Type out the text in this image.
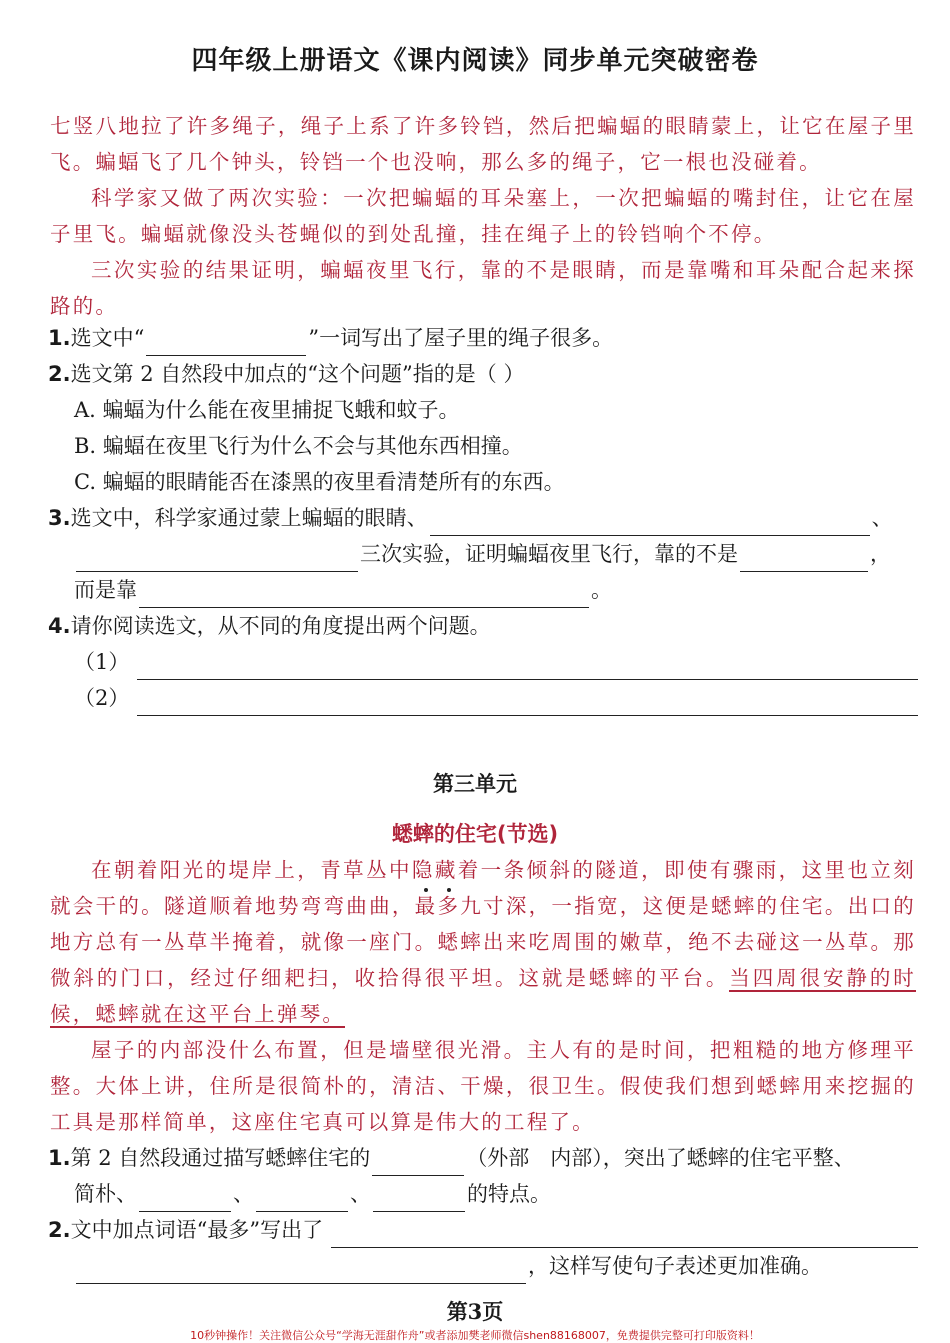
四年级上册语文《课内阅读》同步单元突破密卷

七竖八地拉了许多绳子，绳子上系了许多铃铛，然后把蝙蝠的眼睛蒙上，让它在屋子里飞。蝙蝠飞了几个钟头，铃铛一个也没响，那么多的绳子，它一根也没碰着。

科学家又做了两次实验：一次把蝙蝠的耳朵塞上，一次把蝙蝠的嘴封住，让它在屋子里飞。蝙蝠就像没头苍蝇似的到处乱撞，挂在绳子上的铃铛响个不停。

三次实验的结果证明，蝙蝠夜里飞行，靠的不是眼睛，而是靠嘴和耳朵配合起来探路的。

1.选文中“	”一词写出了屋子里的绳子很多。
2.选文第 2 自然段中加点的“这个问题”指的是（ ）
A. 蝙蝠为什么能在夜里捕捉飞蛾和蚊子。
B. 蝙蝠在夜里飞行为什么不会与其他东西相撞。
C. 蝙蝠的眼睛能否在漆黑的夜里看清楚所有的东西。
3.选文中，科学家通过蒙上蝙蝠的眼睛、	、
三次实验，证明蝙蝠夜里飞行，靠的不是	，
而是靠	。
4.请你阅读选文，从不同的角度提出两个问题。
（1）
（2）
第三单元
蟋蟀的住宅(节选)

在朝着阳光的堤岸上，青草丛中隐藏着一条倾斜的隧道，即使有骤雨，这里也立刻就会干的。隧道顺着地势弯弯曲曲，最多九寸深，一指宽，这便是蟋蟀的住宅。出口的地方总有一丛草半掩着，就像一座门。蟋蟀出来吃周围的嫩草，绝不去碰这一丛草。那微斜的门口，经过仔细耙扫，收拾得很平坦。这就是蟋蟀的平台。当四周很安静的时候，蟋蟀就在这平台上弹琴。

屋子的内部没什么布置，但是墙壁很光滑。主人有的是时间，把粗糙的地方修理平整。大体上讲，住所是很简朴的，清洁、干燥，很卫生。假使我们想到蟋蟀用来挖掘的工具是那样简单，这座住宅真可以算是伟大的工程了。

1.第 2 自然段通过描写蟋蟀住宅的	（外部　内部），突出了蟋蟀的住宅平整、
简朴、	、	、	的特点。
2. 文中加点词语“最多”写出了
，这样写使句子表述更加准确。
第3页
10秒钟操作！关注微信公众号“学海无涯甜作舟”或者添加樊老师微信shen88168007，免费提供完整可打印版资料！
